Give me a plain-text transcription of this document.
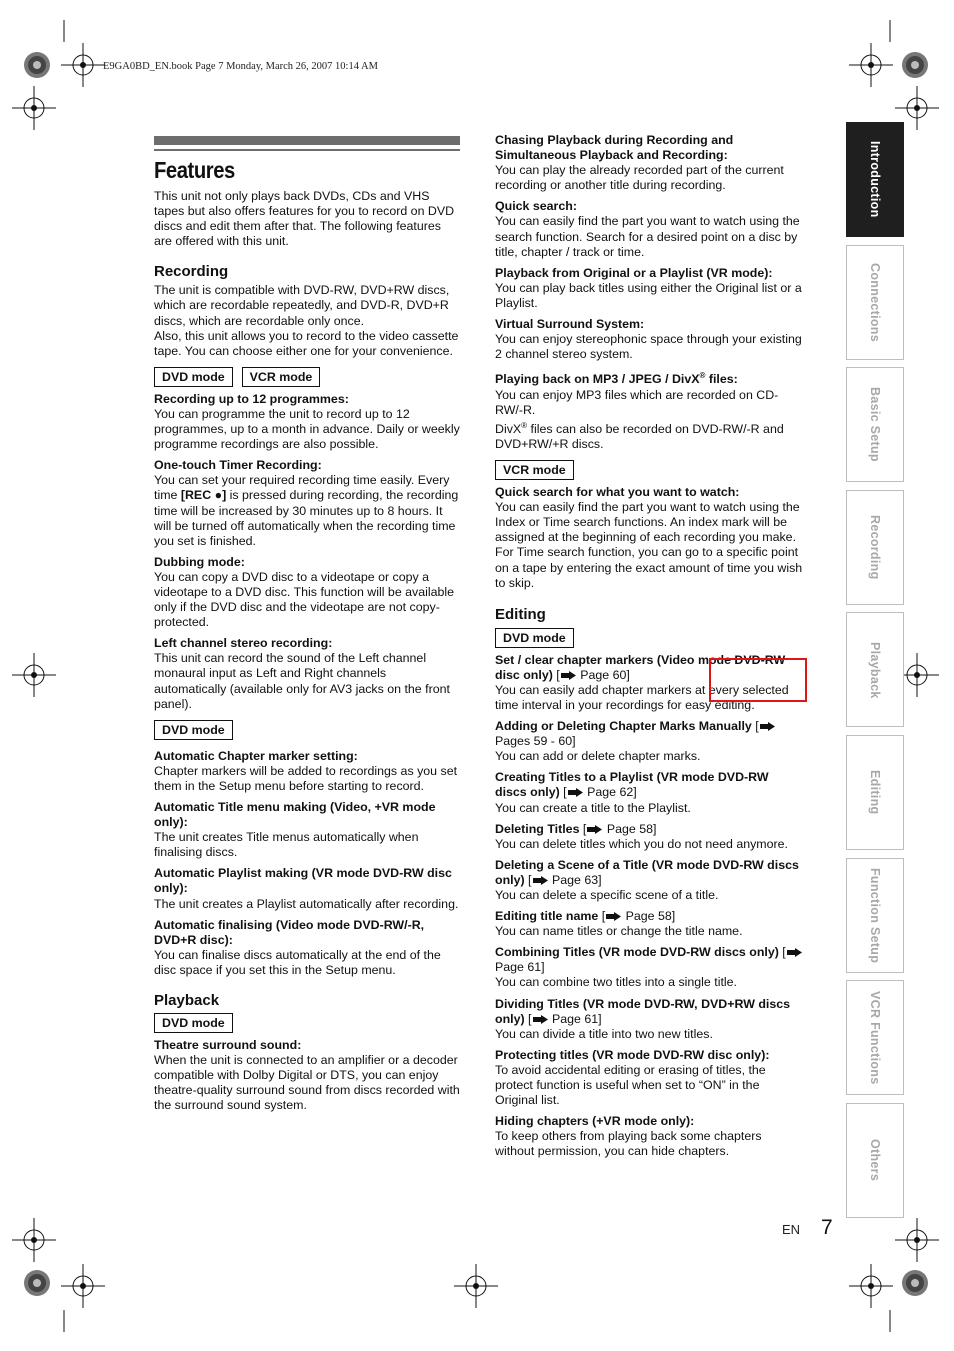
E9GA0BD_EN.book Page 7 Monday, March 26, 2007 10:14 AM
Features

This unit not only plays back DVDs, CDs and VHS tapes but also offers features for you to record on DVD discs and edit them after that. The following features are offered with this unit.

Recording

The unit is compatible with DVD-RW, DVD+RW discs, which are recordable repeatedly, and DVD-R, DVD+R discs, which are recordable only once.

Also, this unit allows you to record to the video cassette tape. You can choose either one for your convenience.

DVD mode	VCR mode

Recording up to 12 programmes:

You can programme the unit to record up to 12 programmes, up to a month in advance. Daily or weekly programme recordings are also possible.

One-touch Timer Recording:

You can set your required recording time easily. Every time [REC ●] is pressed during recording, the recording time will be increased by 30 minutes up to 8 hours. It will be turned off automatically when the recording time you set is finished.

Dubbing mode:

You can copy a DVD disc to a videotape or copy a videotape to a DVD disc. This function will be available only if the DVD disc and the videotape are not copy-protected.

Left channel stereo recording:

This unit can record the sound of the Left channel monaural input as Left and Right channels automatically (available only for AV3 jacks on the front panel).

DVD mode

Automatic Chapter marker setting:

Chapter markers will be added to recordings as you set them in the Setup menu before starting to record.

Automatic Title menu making (Video, +VR mode only):

The unit creates Title menus automatically when finalising discs.

Automatic Playlist making (VR mode DVD-RW disc only):

The unit creates a Playlist automatically after recording.

Automatic finalising (Video mode DVD-RW/-R, DVD+R disc):

You can finalise discs automatically at the end of the disc space if you set this in the Setup menu.

Playback
DVD mode

Theatre surround sound:

When the unit is connected to an amplifier or a decoder compatible with Dolby Digital or DTS, you can enjoy theatre-quality surround sound from discs recorded with the surround sound system.

Chasing Playback during Recording and Simultaneous Playback and Recording:

You can play the already recorded part of the current recording or another title during recording.

Quick search:

You can easily find the part you want to watch using the search function. Search for a desired point on a disc by title, chapter / track or time.

Playback from Original or a Playlist (VR mode):

You can play back titles using either the Original list or a Playlist.

Virtual Surround System:

You can enjoy stereophonic space through your existing 2 channel stereo system.

Playing back on MP3 / JPEG / DivX® files:

You can enjoy MP3 files which are recorded on CD-RW/-R.

DivX® files can also be recorded on DVD-RW/-R and DVD+RW/+R discs.

VCR mode

Quick search for what you want to watch:

You can easily find the part you want to watch using the Index or Time search functions. An index mark will be assigned at the beginning of each recording you make. For Time search function, you can go to a specific point on a tape by entering the exact amount of time you wish to skip.

Editing
DVD mode

Set / clear chapter markers (Video mode DVD-RW disc only) [ Page 60]

You can easily add chapter markers at every selected time interval in your recordings for easy editing.

Adding or Deleting Chapter Marks Manually [ Pages 59 - 60]

You can add or delete chapter marks.

Creating Titles to a Playlist (VR mode DVD-RW discs only) [ Page 62]

You can create a title to the Playlist.

Deleting Titles [ Page 58]

You can delete titles which you do not need anymore.

Deleting a Scene of a Title (VR mode DVD-RW discs only) [ Page 63]

You can delete a specific scene of a title.

Editing title name [ Page 58]

You can name titles or change the title name.

Combining Titles (VR mode DVD-RW discs only) [ Page 61]

You can combine two titles into a single title.

Dividing Titles (VR mode DVD-RW, DVD+RW discs only) [ Page 61]

You can divide a title into two new titles.

Protecting titles (VR mode DVD-RW disc only):

To avoid accidental editing or erasing of titles, the protect function is useful when set to “ON” in the Original list.

Hiding chapters (+VR mode only):

To keep others from playing back some chapters without permission, you can hide chapters.

Introduction
Connections
Basic Setup
Recording
Playback
Editing
Function Setup
VCR Functions
Others
EN 7
